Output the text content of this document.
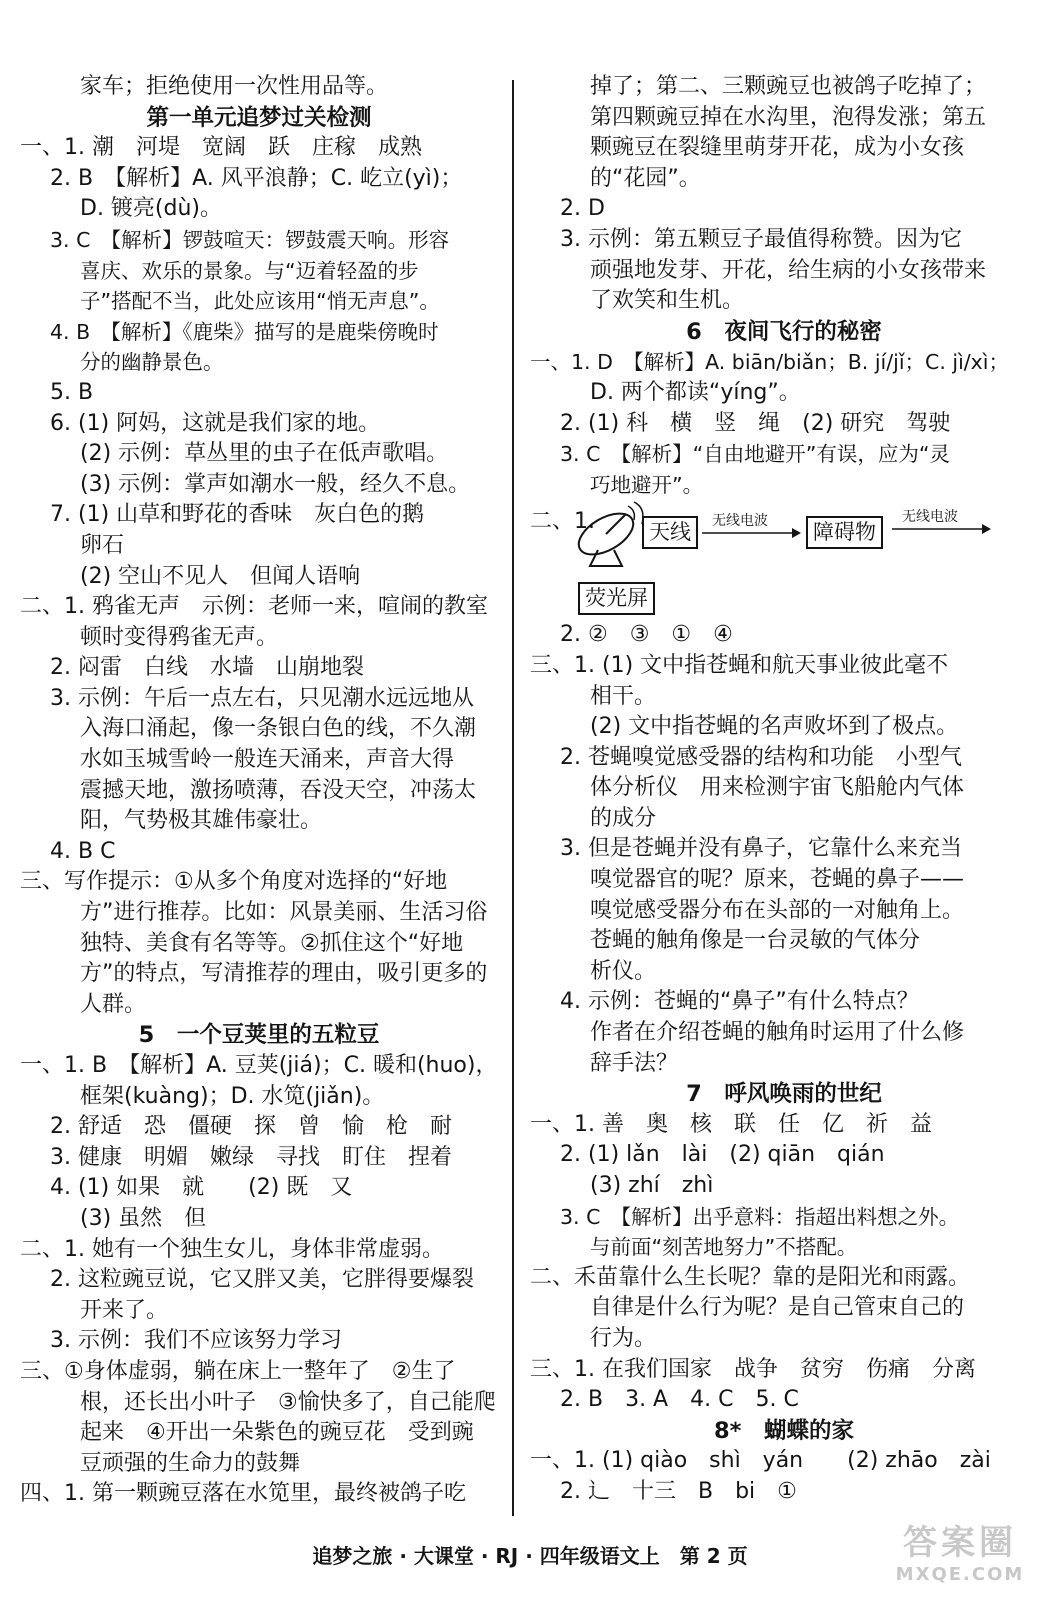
家车；拒绝使用一次性用品等。
第一单元追梦过关检测
一、1. 潮　河堤　宽阔　跃　庄稼　成熟
2. B　【解析】A. 风平浪静；C. 屹立(yì)；
D. 镀亮(dù)。
3. C　【解析】锣鼓喧天：锣鼓震天响。形容
喜庆、欢乐的景象。与“迈着轻盈的步
子”搭配不当，此处应该用“悄无声息”。
4. B　【解析】《鹿柴》描写的是鹿柴傍晚时
分的幽静景色。
5. B
6. (1) 阿妈，这就是我们家的地。
(2) 示例：草丛里的虫子在低声歌唱。
(3) 示例：掌声如潮水一般，经久不息。
7. (1) 山草和野花的香味　灰白色的鹅
卵石
(2) 空山不见人　但闻人语响
二、1. 鸦雀无声　示例：老师一来，喧闹的教室
顿时变得鸦雀无声。
2. 闷雷　白线　水墙　山崩地裂
3. 示例：午后一点左右，只见潮水远远地从
入海口涌起，像一条银白色的线，不久潮
水如玉城雪岭一般连天涌来，声音大得
震撼天地，激扬喷薄，吞没天空，冲荡太
阳，气势极其雄伟豪壮。
4. B C
三、写作提示：①从多个角度对选择的“好地
方”进行推荐。比如：风景美丽、生活习俗
独特、美食有名等等。②抓住这个“好地
方”的特点，写清推荐的理由，吸引更多的
人群。
5　一个豆荚里的五粒豆
一、1. B　【解析】A. 豆荚(jiá)；C. 暖和(huo)，
框架(kuàng)；D. 水笕(jiǎn)。
2. 舒适　恐　僵硬　探　曾　愉　枪　耐
3. 健康　明媚　嫩绿　寻找　盯住　捏着
4. (1) 如果　就　　(2) 既　又
(3) 虽然　但
二、1. 她有一个独生女儿，身体非常虚弱。
2. 这粒豌豆说，它又胖又美，它胖得要爆裂
开来了。
3. 示例：我们不应该努力学习
三、①身体虚弱，躺在床上一整年了　②生了
根，还长出小叶子　③愉快多了，自己能爬
起来　④开出一朵紫色的豌豆花　受到豌
豆顽强的生命力的鼓舞
四、1. 第一颗豌豆落在水笕里，最终被鸽子吃
掉了；第二、三颗豌豆也被鸽子吃掉了；
第四颗豌豆掉在水沟里，泡得发涨；第五
颗豌豆在裂缝里萌芽开花，成为小女孩
的“花园”。
2. D
3. 示例：第五颗豆子最值得称赞。因为它
顽强地发芽、开花，给生病的小女孩带来
了欢笑和生机。
6　夜间飞行的秘密
一、1. D　【解析】A. biān/biǎn；B. jí/jǐ；C. jì/xì；
D. 两个都读“yíng”。
2. (1) 科　横　竖　绳　(2) 研究　驾驶
3. C　【解析】“自由地避开”有误，应为“灵
巧地避开”。
二、1.	天线	无线电波	障碍物
无线电波
荧光屏
2. ②　③　①　④
三、1. (1) 文中指苍蝇和航天事业彼此毫不
相干。
(2) 文中指苍蝇的名声败坏到了极点。
2. 苍蝇嗅觉感受器的结构和功能　小型气
体分析仪　用来检测宇宙飞船舱内气体
的成分
3. 但是苍蝇并没有鼻子，它靠什么来充当
嗅觉器官的呢？原来，苍蝇的鼻子——
嗅觉感受器分布在头部的一对触角上。
苍蝇的触角像是一台灵敏的气体分
析仪。
4. 示例：苍蝇的“鼻子”有什么特点？
作者在介绍苍蝇的触角时运用了什么修
辞手法？
7　呼风唤雨的世纪
一、1. 善　奥　核　联　任　亿　祈　益
2. (1) lǎn　lài　(2) qiān　qián
(3) zhí　zhì
3. C　【解析】出乎意料：指超出料想之外。
与前面“刻苦地努力”不搭配。
二、禾苗靠什么生长呢？靠的是阳光和雨露。
自律是什么行为呢？是自己管束自己的
行为。
三、1. 在我们国家　战争　贫穷　伤痛　分离
2. B　3. A　4. C　5. C
8*　蝴蝶的家
一、1. (1) qiào　shì　yán　　(2) zhāo　zài
2. 辶　十三　B　bi　①
追梦之旅 · 大课堂 · RJ · 四年级语文上　第 2 页	答案圈
MXQE.COM
